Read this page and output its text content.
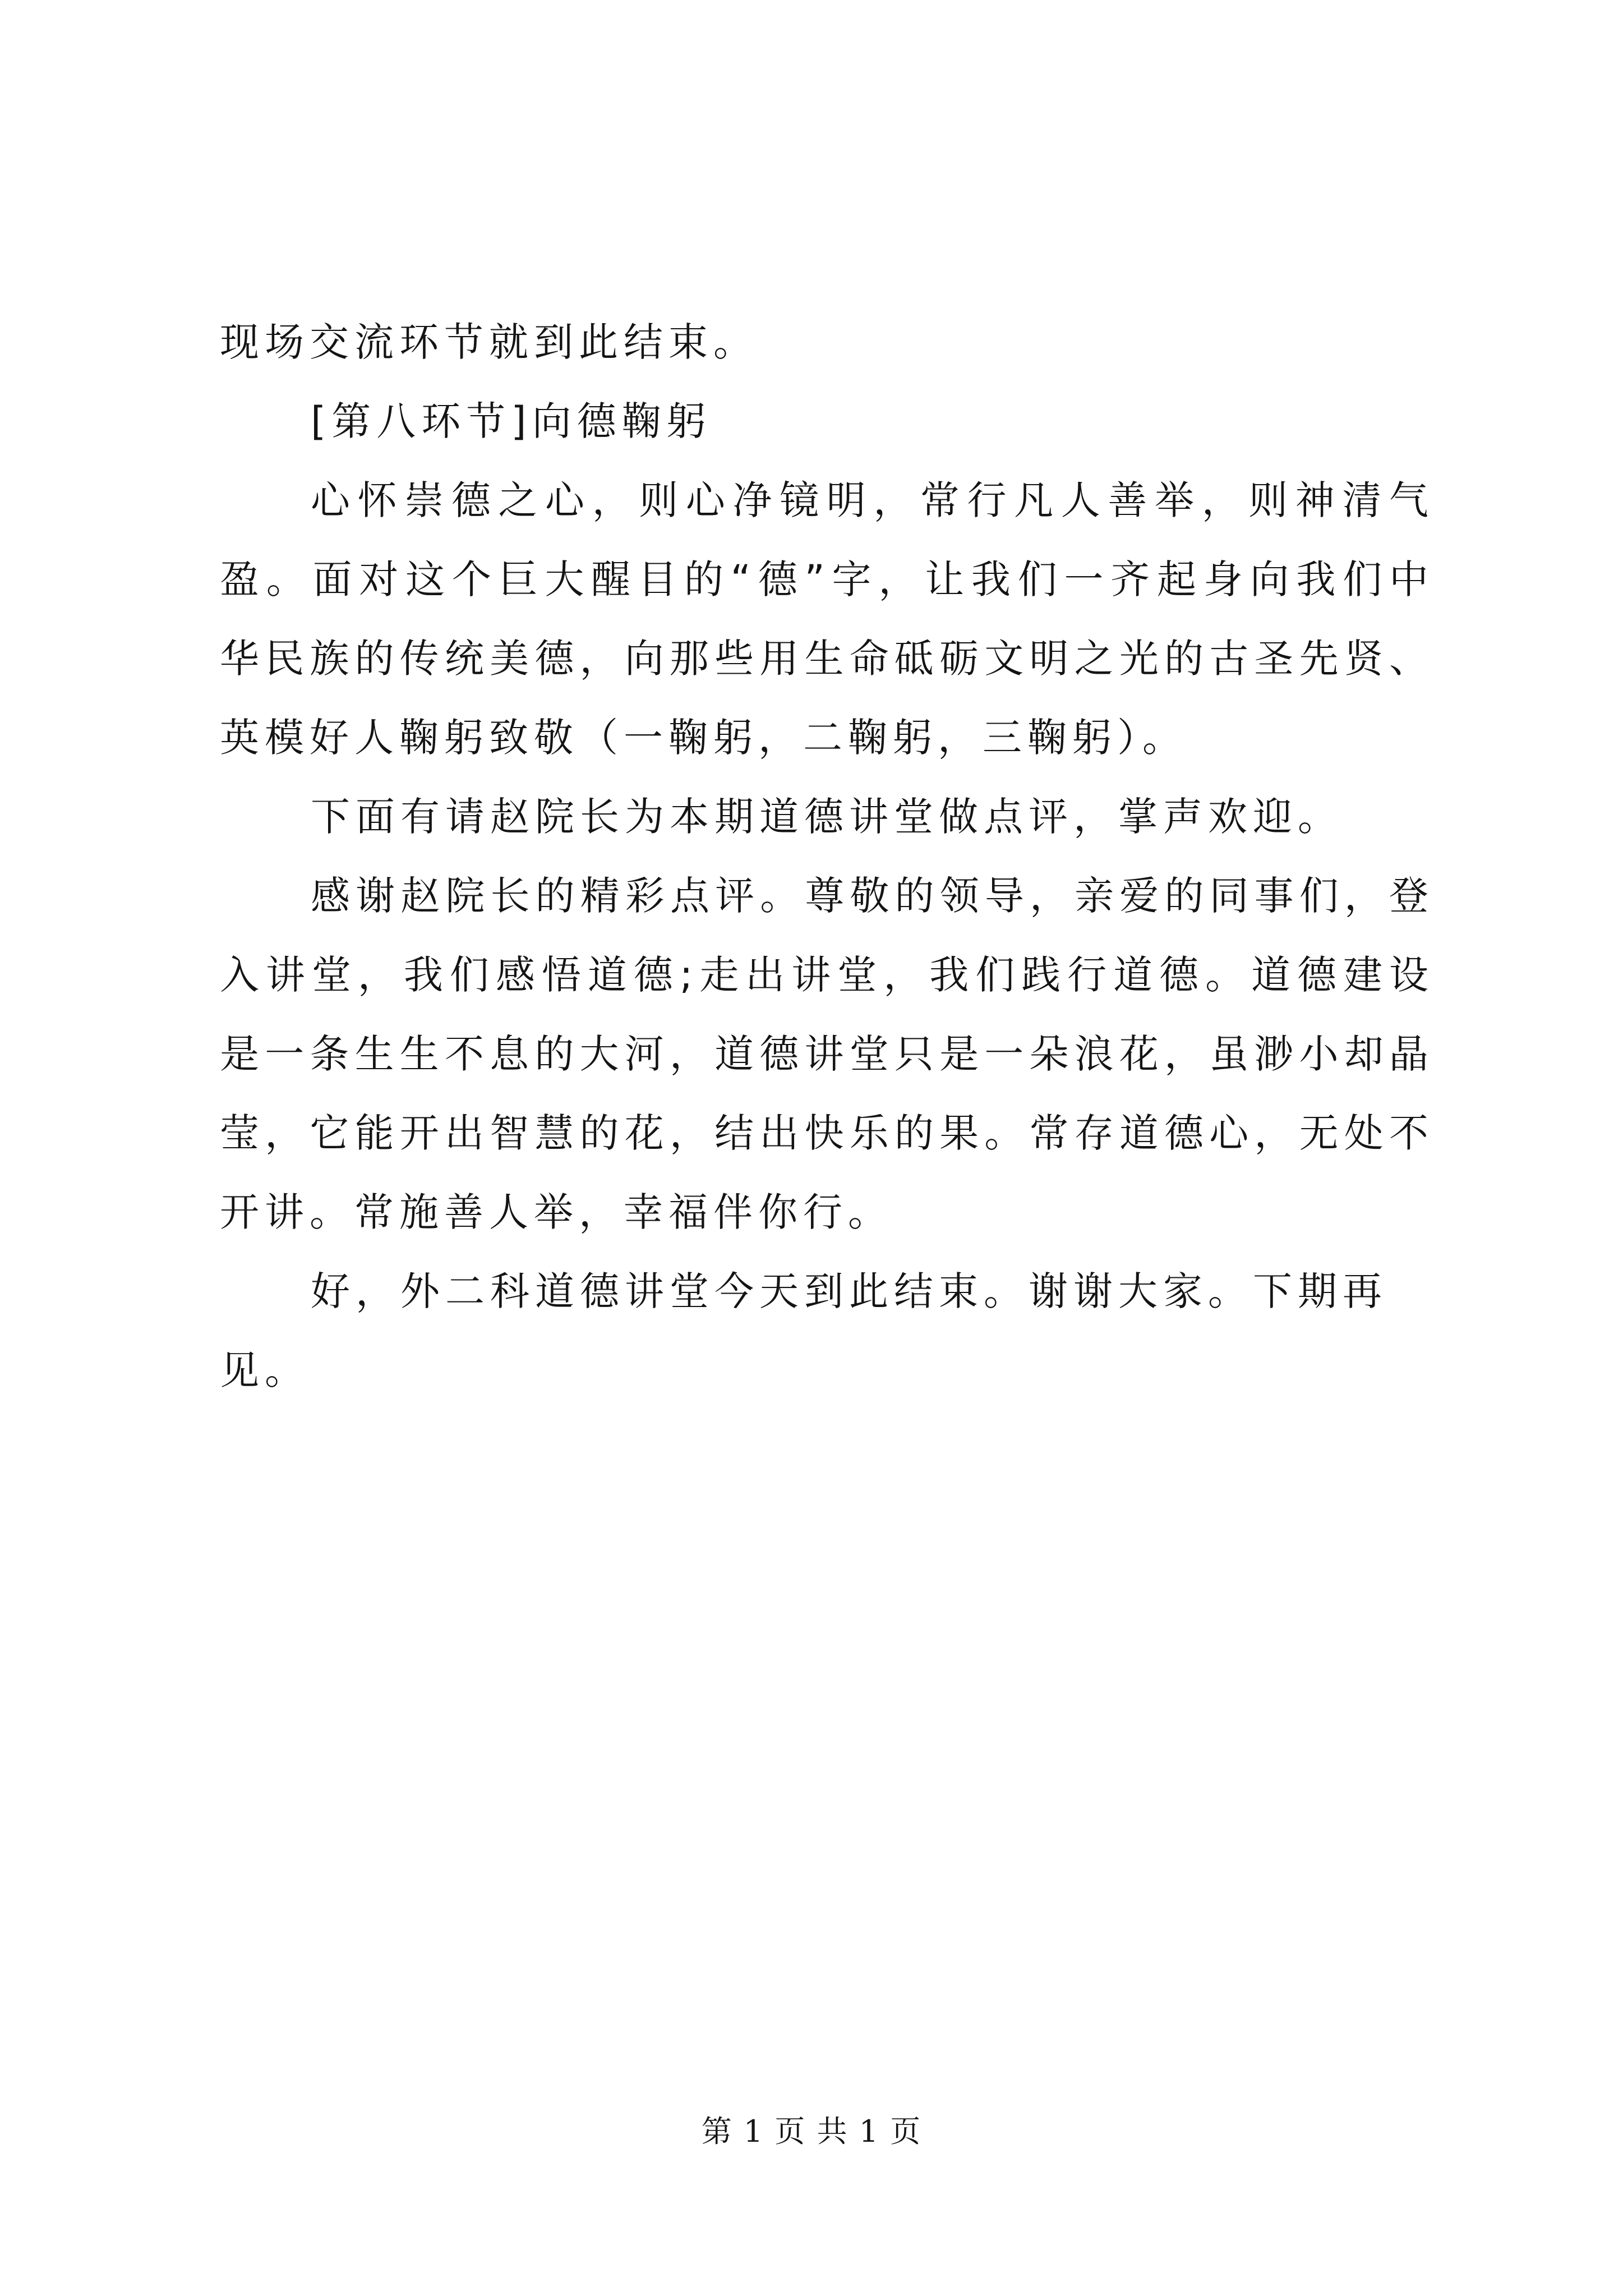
现场交流环节就到此结束。

[第八环节]向德鞠躬

心怀崇德之心，则心净镜明，常行凡人善举，则神清气盈。面对这个巨大醒目的“德”字，让我们一齐起身向我们中华民族的传统美德，向那些用生命砥砺文明之光的古圣先贤、英模好人鞠躬致敬（一鞠躬，二鞠躬，三鞠躬）。

下面有请赵院长为本期道德讲堂做点评，掌声欢迎。

感谢赵院长的精彩点评。尊敬的领导，亲爱的同事们，登入讲堂，我们感悟道德;走出讲堂，我们践行道德。道德建设是一条生生不息的大河，道德讲堂只是一朵浪花，虽渺小却晶莹，它能开出智慧的花，结出快乐的果。常存道德心，无处不开讲。常施善人举，幸福伴你行。

好，外二科道德讲堂今天到此结束。谢谢大家。下期再见。

第 1 页 共 1 页
